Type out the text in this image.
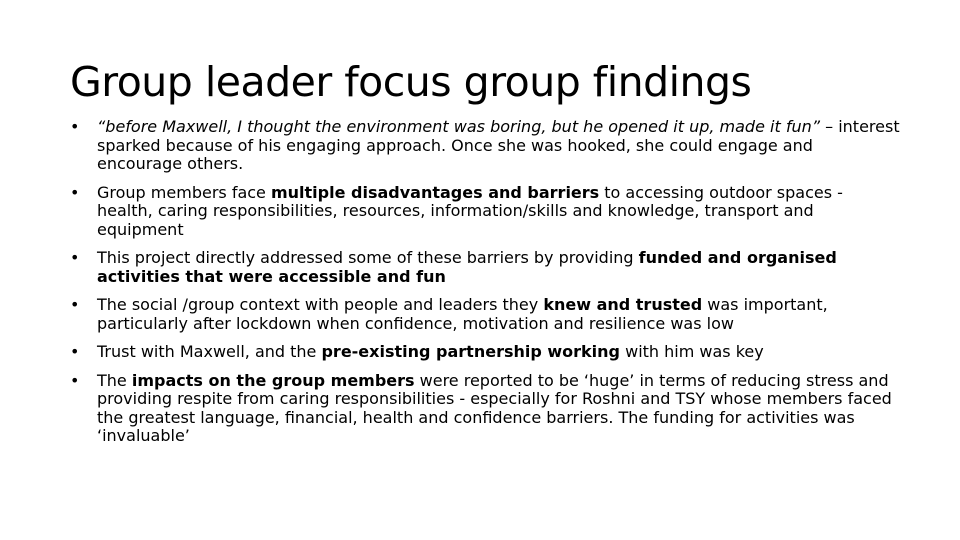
Group leader focus group findings
• “before Maxwell, I thought the environment was boring, but he opened it up, made it fun” – interest sparked because of his engaging approach. Once she was hooked, she could engage and encourage others.
• Group members face multiple disadvantages and barriers to accessing outdoor spaces - health, caring responsibilities, resources, information/skills and knowledge, transport and equipment
• This project directly addressed some of these barriers by providing funded and organised activities that were accessible and fun
• The social /group context with people and leaders they knew and trusted was important, particularly after lockdown when confidence, motivation and resilience was low
• Trust with Maxwell, and the pre-existing partnership working with him was key
• The impacts on the group members were reported to be ‘huge’ in terms of reducing stress and providing respite from caring responsibilities - especially for Roshni and TSY whose members faced the greatest language, financial, health and confidence barriers. The funding for activities was ‘invaluable’
